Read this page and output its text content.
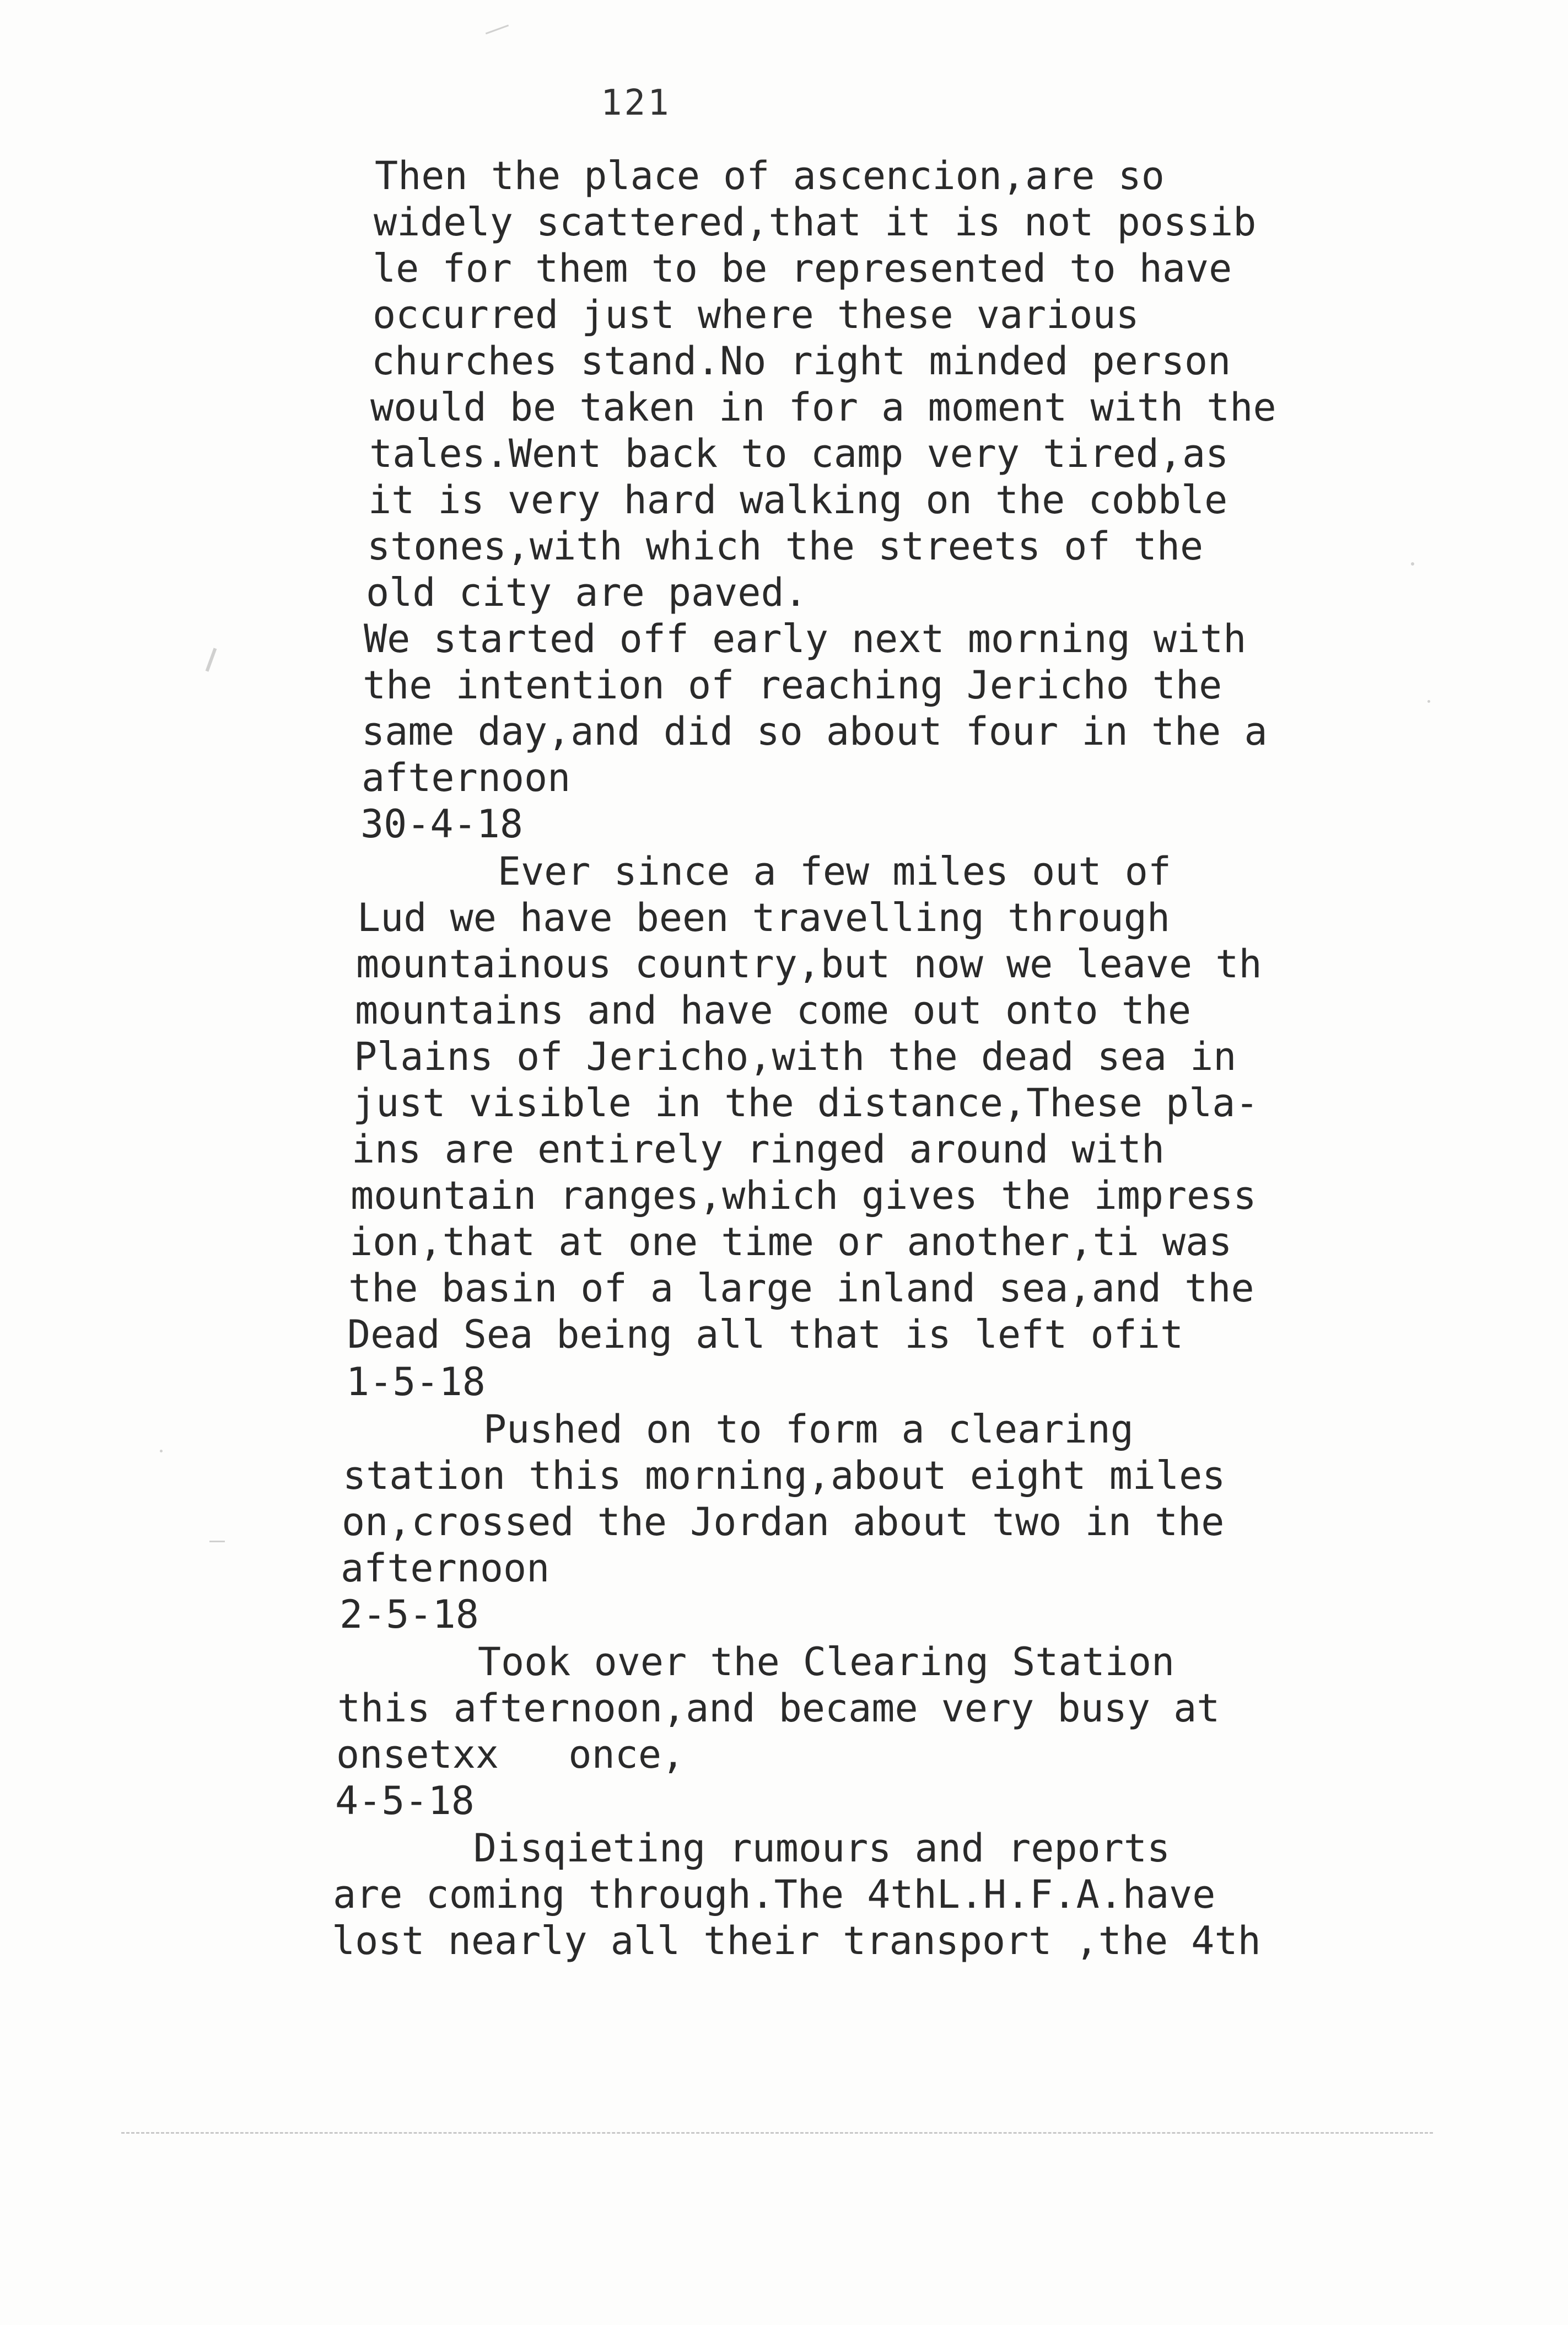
121

Then the place of ascencion,are so

widely scattered,that it is not possib

le for them to be represented to have

occurred just where these various

churches stand.No right minded person

would be taken in for a moment with the

tales.Went back to camp very tired,as

it is very hard walking on the cobble

stones,with which the streets of the

old city are paved.

We started off early next morning with

the intention of reaching Jericho the

same day,and did so about four in the a

afternoon

30-4-18

Ever since a few miles out of

Lud we have been travelling through

mountainous country,but now we leave th

mountains and have come out onto the

Plains of Jericho,with the dead sea in

just visible in the distance,These pla-

ins are entirely ringed around with

mountain ranges,which gives the impress

ion,that at one time or another,ti was

the basin of a large inland sea,and the

Dead Sea being all that is left ofit

1-5-18

Pushed on to form a clearing

station this morning,about eight miles

on,crossed the Jordan about two in the

afternoon

2-5-18

Took over the Clearing Station

this afternoon,and became very busy at

onsetxx   once,

4-5-18

Disqieting rumours and reports

are coming through.The 4thL.H.F.A.have

lost nearly all their transport ,the 4th
